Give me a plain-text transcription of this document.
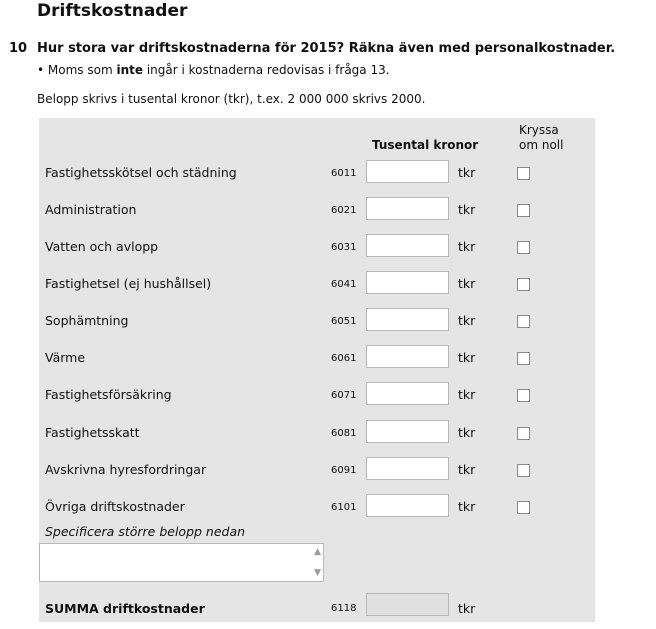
Driftskostnader
10 Hur stora var driftskostnaderna för 2015? Räkna även med personalkostnader.
• Moms som inte ingår i kostnaderna redovisas i fråga 13.
Belopp skrivs i tusental kronor (tkr), t.ex. 2 000 000 skrivs 2000.
Tusental kronor
Kryssa
om noll
Fastighetsskötsel och städning	6011	tkr
Administration	6021	tkr
Vatten och avlopp	6031	tkr
Fastighetsel (ej hushållsel)	6041	tkr
Sophämtning	6051	tkr
Värme	6061	tkr
Fastighetsförsäkring	6071	tkr
Fastighetsskatt	6081	tkr
Avskrivna hyresfordringar	6091	tkr
Övriga driftskostnader	6101	tkr
Specificera större belopp nedan
▲
▼
SUMMA driftkostnader	6118	tkr
